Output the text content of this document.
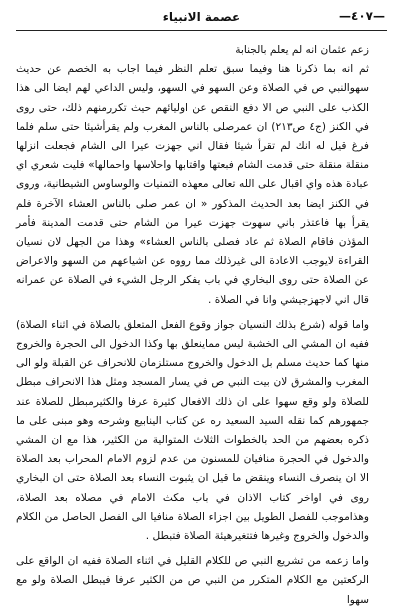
—٤٠٧—
عصمة الانبياء

زعم عثمان انه لم يعلم بالجنابة

ثم انه بما ذكرنا هنا وفيما سبق تعلم النظر فيما اجاب به الخصم عن حديث سهوالنبي ص في الصلاة وعن السهو في السهو، وليس الداعي لهم ايضا الى هذا الكذب على النبي ص الا دفع النقص عن اوليائهم حيث تكررمنهم ذلك، حتى روى في الكنز (ج٤ ص٢١٣) ان عمرصلى بالناس المغرب ولم يقرأشيئا حتى سلم فلما فرغ قيل له انك لم تقرأ شيئا فقال اني جهزت عيرا الى الشام فجعلت انزلها منقلة منقلة حتى قدمت الشام فبعتها واقتابها واحلاسها واحمالها» فليت شعري اي عبادة هذه واي اقبال على الله تعالى معهذه التمنيات والوساوس الشيطانية، وروى في الكنز ايضا بعد الحديث المذكور « ان عمر صلى بالناس العشاء الآخرة فلم يقرأ بها فاعتذر باني سهوت جهزت عيرا من الشام حتى قدمت المدينة فأمر المؤذن فاقام الصلاة ثم عاد فصلى بالناس العشاء» وهذا من الجهل لان نسيان القراءة لايوجب الاعادة الى غيرذلك مما رووه عن اشياعهم من السهو والاعراض عن الصلاة حتى روى البخاري في باب يفكر الرجل الشيء في الصلاة عن عمرانه قال اني لاجهزجيشي وانا في الصلاة .

واما قوله (شرع بذلك النسيان جواز وقوع الفعل المتعلق بالصلاة في اثناء الصلاة) ففيه ان المشي الى الخشبة ليس مماينعلق بها وكذا الدخول الى الحجرة والخروج منها كما حديث مسلم بل الدخول والخروج مستلزمان للانحراف عن القبلة ولو الى المغرب والمشرق لان بيت النبي ص في يسار المسجد ومثل هذا الانحراف مبطل للصلاة ولو وقع سهوا على ان ذلك الافعال كثيرة عرفا والكثيرمبطل للصلاة عند جمهورهم كما نقله السيد السعيد ره عن كتاب الينابيع وشرحه وهو مبنى على ما ذكره بعضهم من الحد بالخطوات الثلاث المتوالية من الكثير، هذا مع ان المشي والدخول في الحجرة منافيان للمسنون من عدم لزوم الامام المحراب بعد الصلاة الا ان ينصرف النساء وينقض ما قيل ان يثبوت النساء بعد الصلاة حتى ان البخاري روى في اواخر كتاب الاذان في باب مكث الامام في مصلاه بعد الصلاة، وهذاموجب للفصل الطويل بين اجزاء الصلاة منافيا الى الفصل الحاصل من الكلام والدخول والخروج وغيرها فتتغيرهيئة الصلاة فتبطل .

واما زعمه من تشريع النبي ص للكلام القليل في اثناء الصلاة ففيه ان الواقع على الركعتين مع الكلام المتكرر من النبي ص من الكثير عرفا فيبطل الصلاة ولو مع سهوا
